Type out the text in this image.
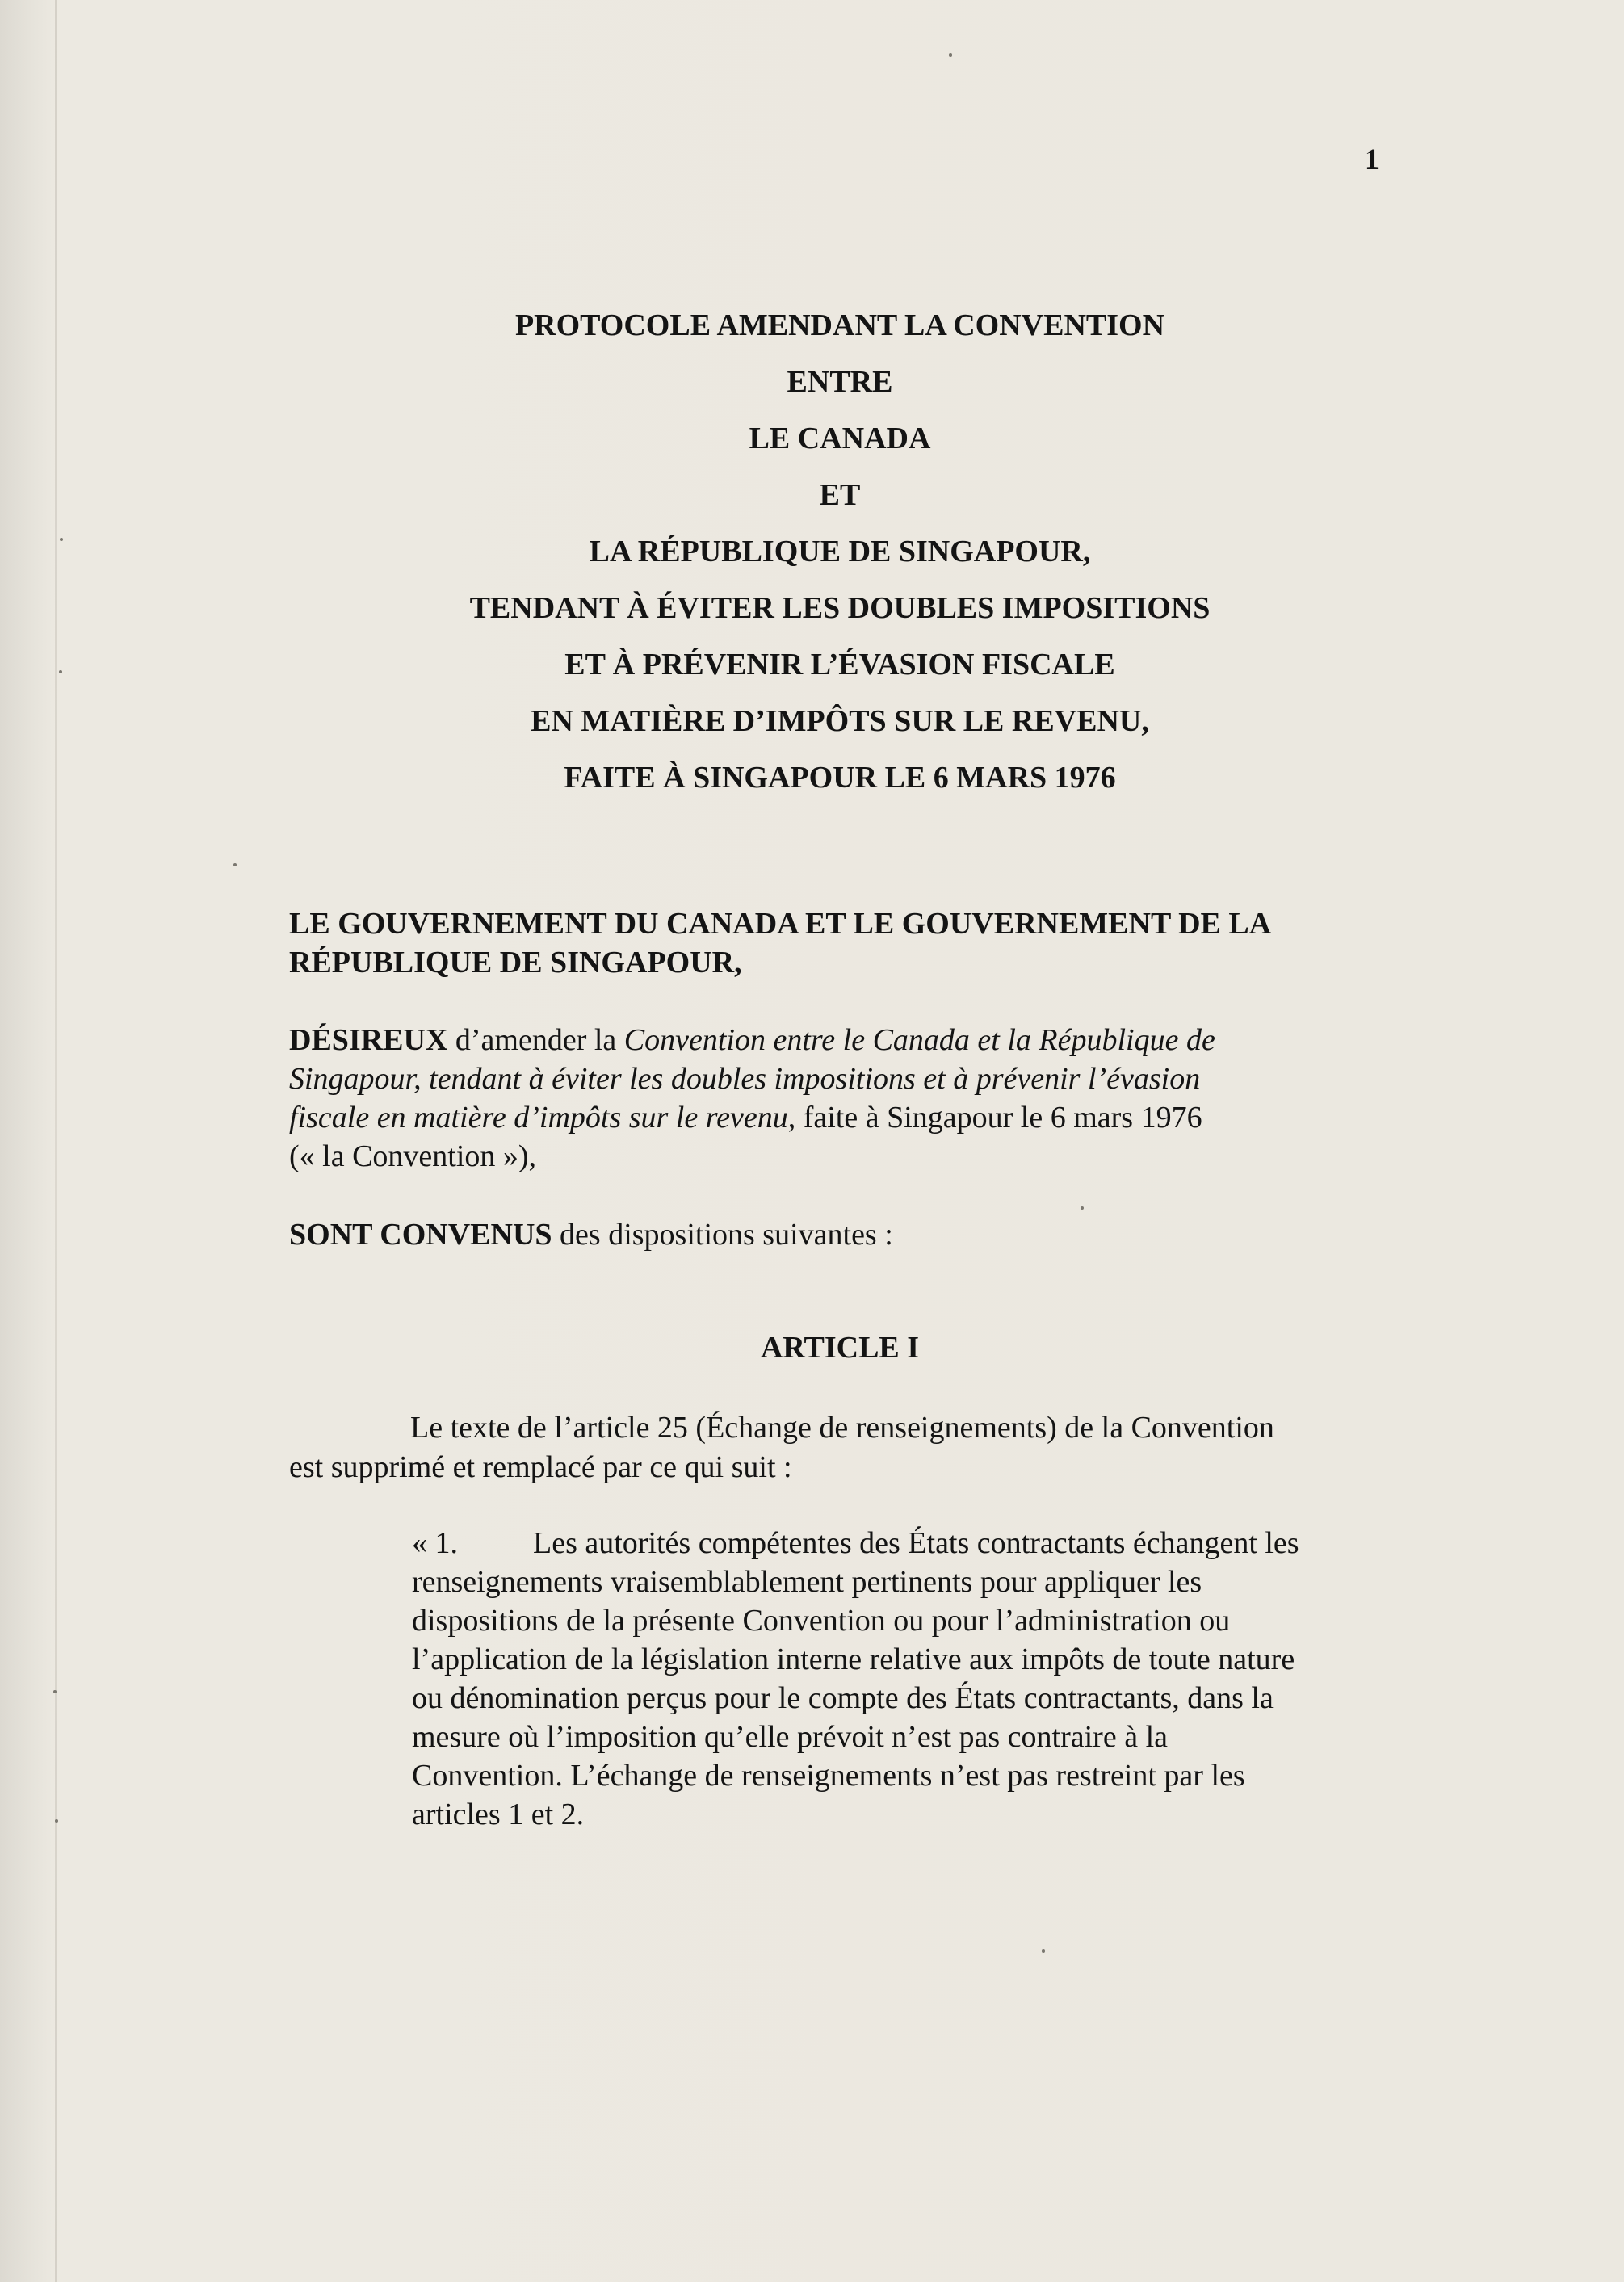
1
PROTOCOLE AMENDANT LA CONVENTION
ENTRE
LE CANADA
ET
LA RÉPUBLIQUE DE SINGAPOUR,
TENDANT À ÉVITER LES DOUBLES IMPOSITIONS
ET À PRÉVENIR L’ÉVASION FISCALE
EN MATIÈRE D’IMPÔTS SUR LE REVENU,
FAITE À SINGAPOUR LE 6 MARS 1976
LE GOUVERNEMENT DU CANADA ET LE GOUVERNEMENT DE LA
RÉPUBLIQUE DE SINGAPOUR,
DÉSIREUX d’amender la Convention entre le Canada et la République de
Singapour, tendant à éviter les doubles impositions et à prévenir l’évasion
fiscale en matière d’impôts sur le revenu, faite à Singapour le 6 mars 1976
(« la Convention »),
SONT CONVENUS des dispositions suivantes :
ARTICLE I
Le texte de l’article 25 (Échange de renseignements) de la Convention
est supprimé et remplacé par ce qui suit :
« 1. Les autorités compétentes des États contractants échangent les
renseignements vraisemblablement pertinents pour appliquer les
dispositions de la présente Convention ou pour l’administration ou
l’application de la législation interne relative aux impôts de toute nature
ou dénomination perçus pour le compte des États contractants, dans la
mesure où l’imposition qu’elle prévoit n’est pas contraire à la
Convention. L’échange de renseignements n’est pas restreint par les
articles 1 et 2.
